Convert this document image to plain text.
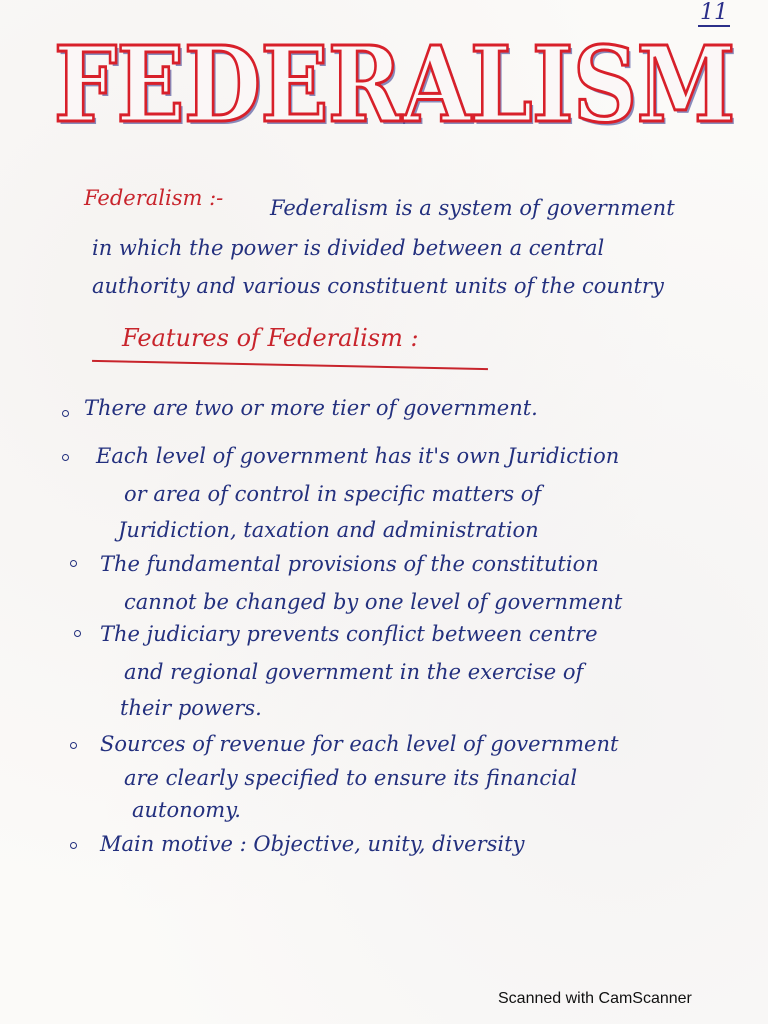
11
FEDERALISM
Federalism :- Federalism is a system of government
in which the power is divided between a central
authority and various constituent units of the country
Features of Federalism :
There are two or more tier of government.
Each level of government has it's own Juridiction
or area of control in specific matters of
Juridiction, taxation and administration
The fundamental provisions of the constitution
cannot be changed by one level of government
The judiciary prevents conflict between centre
and regional government in the exercise of
their powers.
Sources of revenue for each level of government
are clearly specified to ensure its financial
autonomy.
Main motive : Objective, unity, diversity
Scanned with CamScanner
